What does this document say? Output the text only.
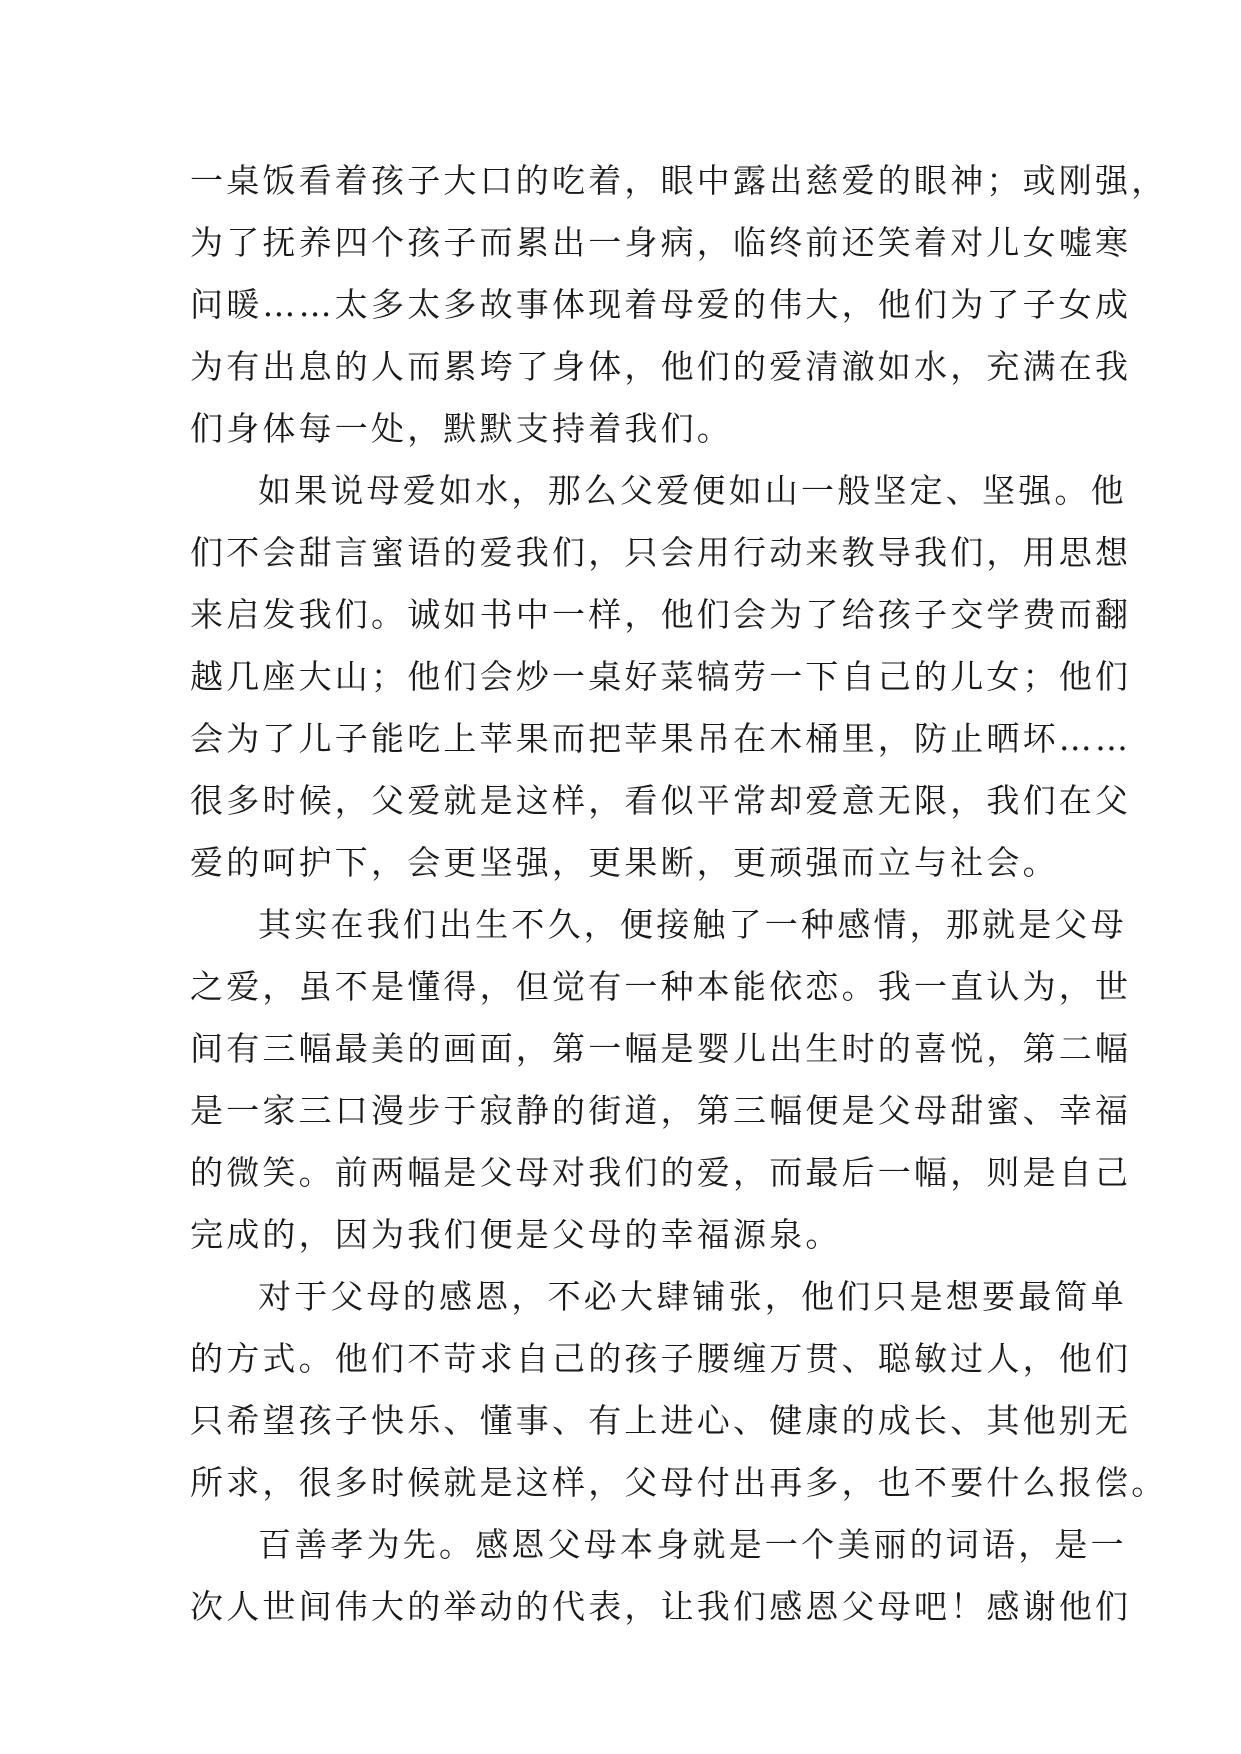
一桌饭看着孩子大口的吃着，眼中露出慈爱的眼神；或刚强，
为了抚养四个孩子而累出一身病，临终前还笑着对儿女嘘寒
问暖……太多太多故事体现着母爱的伟大，他们为了子女成
为有出息的人而累垮了身体，他们的爱清澈如水，充满在我
们身体每一处，默默支持着我们。
如果说母爱如水，那么父爱便如山一般坚定、坚强。他
们不会甜言蜜语的爱我们，只会用行动来教导我们，用思想
来启发我们。诚如书中一样，他们会为了给孩子交学费而翻
越几座大山；他们会炒一桌好菜犒劳一下自己的儿女；他们
会为了儿子能吃上苹果而把苹果吊在木桶里，防止晒坏……
很多时候，父爱就是这样，看似平常却爱意无限，我们在父
爱的呵护下，会更坚强，更果断，更顽强而立与社会。
其实在我们出生不久，便接触了一种感情，那就是父母
之爱，虽不是懂得，但觉有一种本能依恋。我一直认为，世
间有三幅最美的画面，第一幅是婴儿出生时的喜悦，第二幅
是一家三口漫步于寂静的街道，第三幅便是父母甜蜜、幸福
的微笑。前两幅是父母对我们的爱，而最后一幅，则是自己
完成的，因为我们便是父母的幸福源泉。
对于父母的感恩，不必大肆铺张，他们只是想要最简单
的方式。他们不苛求自己的孩子腰缠万贯、聪敏过人，他们
只希望孩子快乐、懂事、有上进心、健康的成长、其他别无
所求，很多时候就是这样，父母付出再多，也不要什么报偿。
百善孝为先。感恩父母本身就是一个美丽的词语，是一
次人世间伟大的举动的代表，让我们感恩父母吧！感谢他们
